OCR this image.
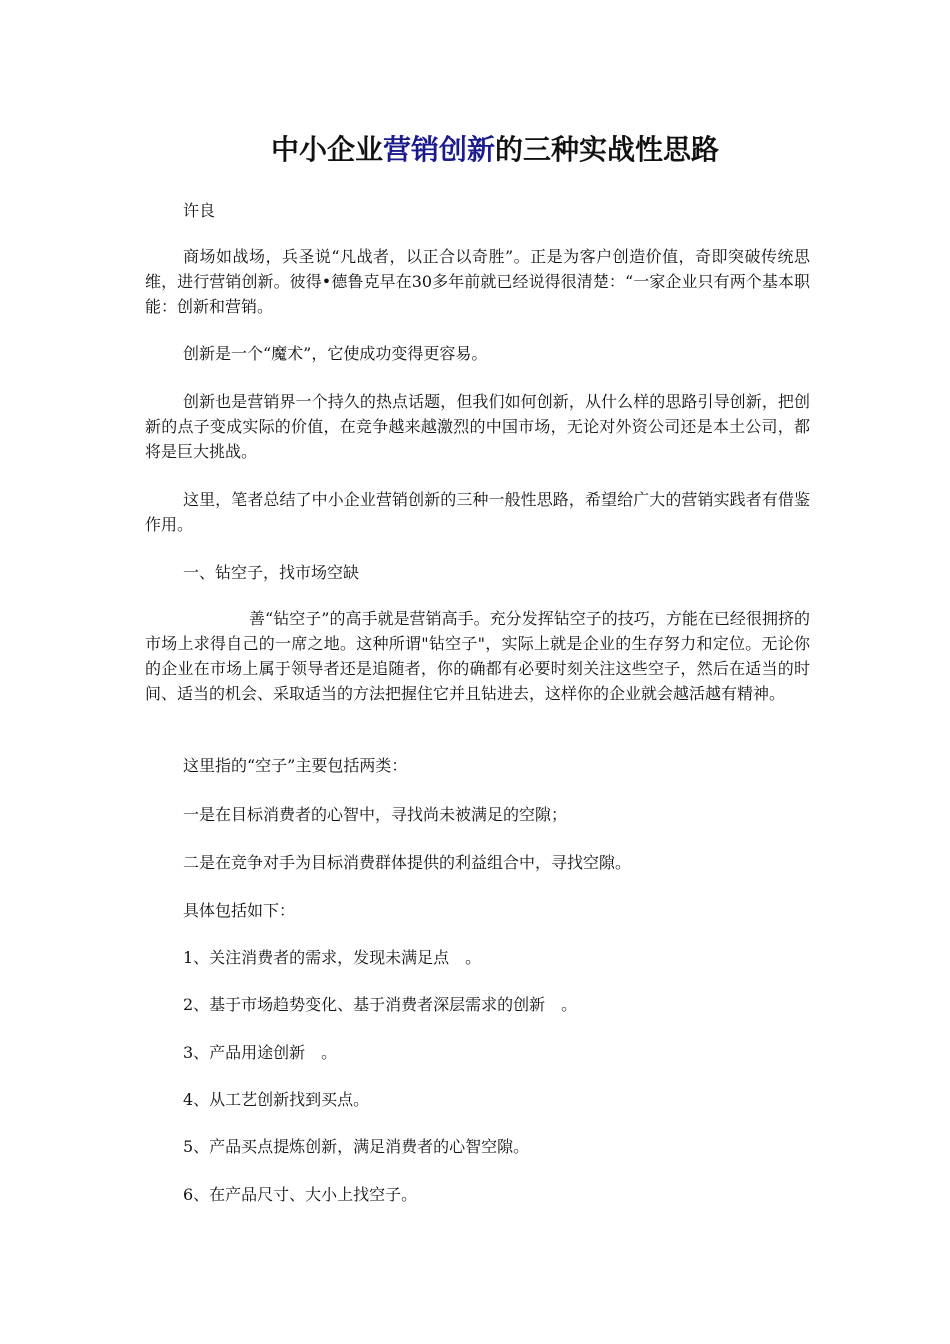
中小企业营销创新的三种实战性思路

许良

商场如战场，兵圣说“凡战者，以正合以奇胜”。正是为客户创造价值，奇即突破传统思维，进行营销创新。彼得•德鲁克早在30多年前就已经说得很清楚：“一家企业只有两个基本职能：创新和营销。

创新是一个“魔术”，它使成功变得更容易。

创新也是营销界一个持久的热点话题，但我们如何创新，从什么样的思路引导创新，把创新的点子变成实际的价值，在竞争越来越激烈的中国市场，无论对外资公司还是本土公司，都将是巨大挑战。

这里，笔者总结了中小企业营销创新的三种一般性思路，希望给广大的营销实践者有借鉴作用。

一、钻空子，找市场空缺

善“钻空子”的高手就是营销高手。充分发挥钻空子的技巧，方能在已经很拥挤的市场上求得自己的一席之地。这种所谓"钻空子"，实际上就是企业的生存努力和定位。无论你的企业在市场上属于领导者还是追随者，你的确都有必要时刻关注这些空子，然后在适当的时间、适当的机会、采取适当的方法把握住它并且钻进去，这样你的企业就会越活越有精神。

这里指的“空子”主要包括两类：

一是在目标消费者的心智中，寻找尚未被满足的空隙；

二是在竞争对手为目标消费群体提供的利益组合中，寻找空隙。

具体包括如下：

1、关注消费者的需求，发现未满足点　。

2、基于市场趋势变化、基于消费者深层需求的创新　。

3、产品用途创新　。

4、从工艺创新找到买点。

5、产品买点提炼创新，满足消费者的心智空隙。

6、在产品尺寸、大小上找空子。
